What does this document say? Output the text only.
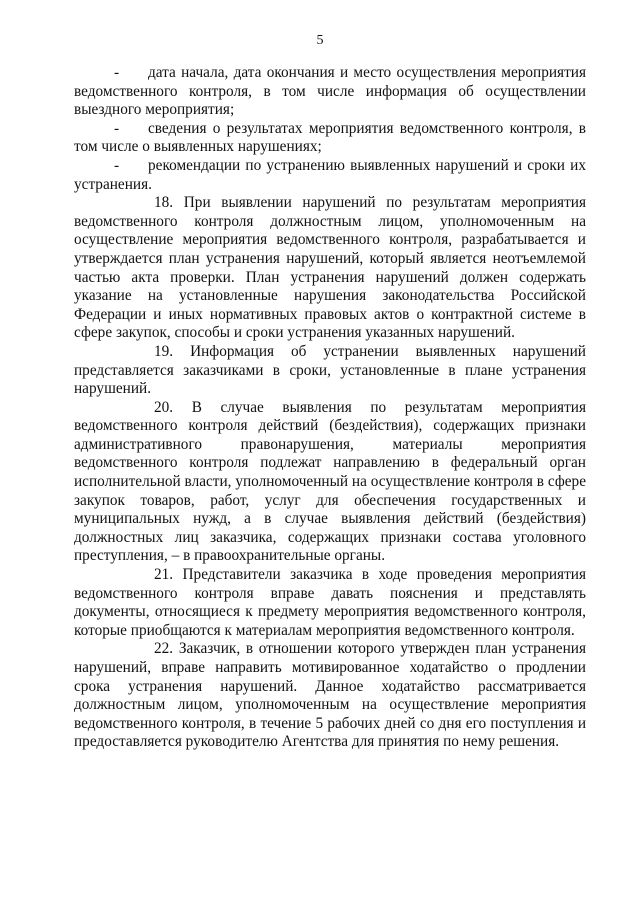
5

- дата начала, дата окончания и место осуществления мероприятия ведомственного контроля, в том числе информация об осуществлении выездного мероприятия;

- сведения о результатах мероприятия ведомственного контроля, в том числе о выявленных нарушениях;

- рекомендации по устранению выявленных нарушений и сроки их устранения.

18. При выявлении нарушений по результатам мероприятия ведомственного контроля должностным лицом, уполномоченным на осуществление мероприятия ведомственного контроля, разрабатывается и утверждается план устранения нарушений, который является неотъемлемой частью акта проверки. План устранения нарушений должен содержать указание на установленные нарушения законодательства Российской Федерации и иных нормативных правовых актов о контрактной системе в сфере закупок, способы и сроки устранения указанных нарушений.

19. Информация об устранении выявленных нарушений представляется заказчиками в сроки, установленные в плане устранения нарушений.

20. В случае выявления по результатам мероприятия ведомственного контроля действий (бездействия), содержащих признаки административного правонарушения, материалы мероприятия ведомственного контроля подлежат направлению в федеральный орган исполнительной власти, уполномоченный на осуществление контроля в сфере закупок товаров, работ, услуг для обеспечения государственных и муниципальных нужд, а в случае выявления действий (бездействия) должностных лиц заказчика, содержащих признаки состава уголовного преступления, – в правоохранительные органы.

21. Представители заказчика в ходе проведения мероприятия ведомственного контроля вправе давать пояснения и представлять документы, относящиеся к предмету мероприятия ведомственного контроля, которые приобщаются к материалам мероприятия ведомственного контроля.

22. Заказчик, в отношении которого утвержден план устранения нарушений, вправе направить мотивированное ходатайство о продлении срока устранения нарушений. Данное ходатайство рассматривается должностным лицом, уполномоченным на осуществление мероприятия ведомственного контроля, в течение 5 рабочих дней со дня его поступления и предоставляется руководителю Агентства для принятия по нему решения.
